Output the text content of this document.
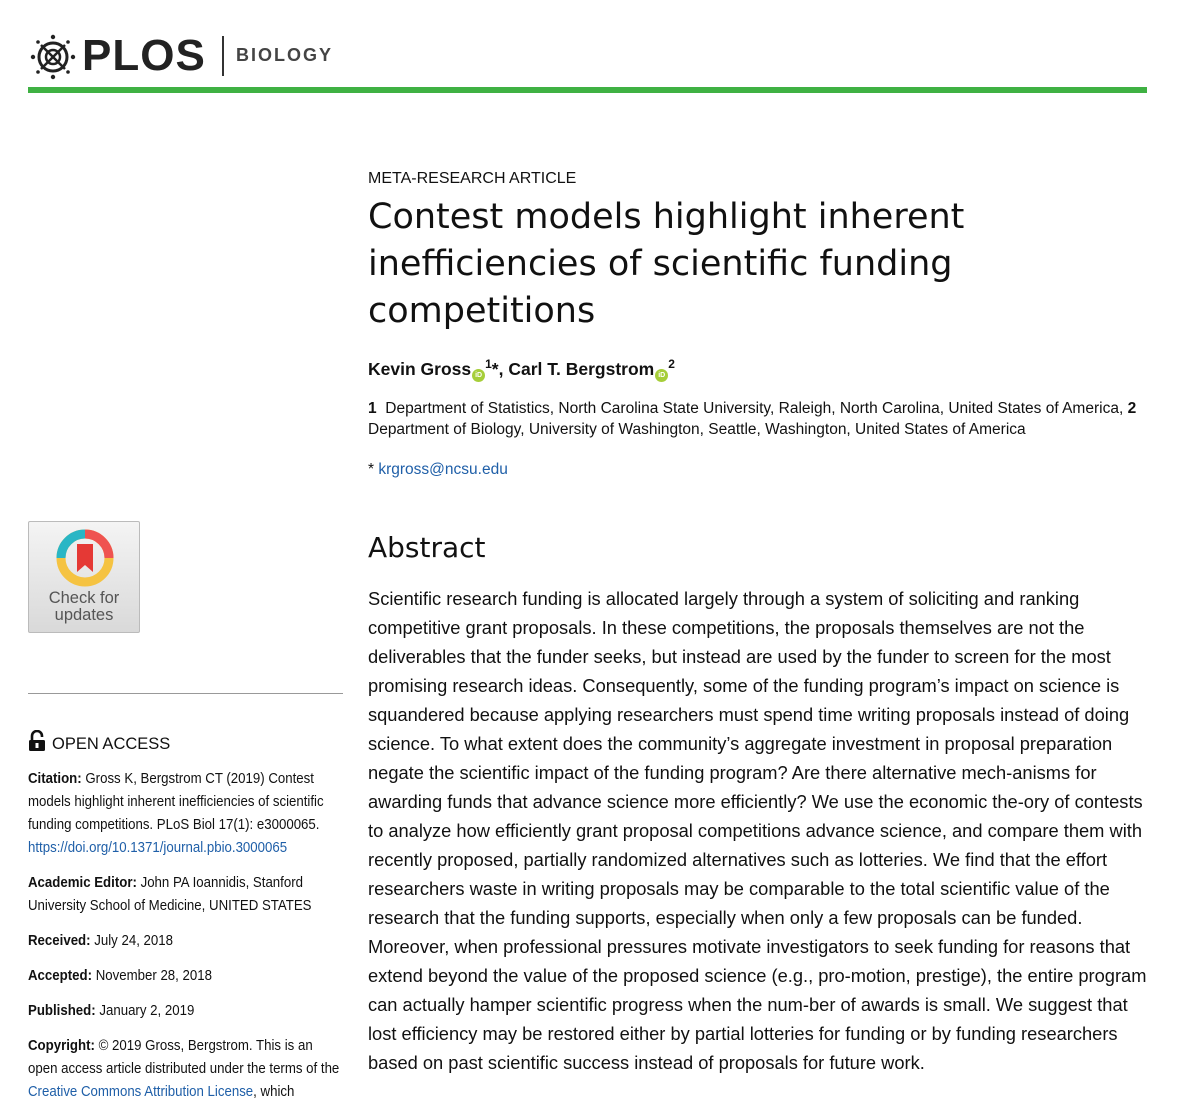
PLOS BIOLOGY
META-RESEARCH ARTICLE
Contest models highlight inherent inefficiencies of scientific funding competitions
Kevin Gross $iD^1*$, Carl T. Bergstrom $iD^2$
1 Department of Statistics, North Carolina State University, Raleigh, North Carolina, United States of America, 2  Department of Biology, University of Washington, Seattle, Washington, United States of America
* krgross@ncsu.edu
Abstract

Scientific research funding is allocated largely through a system of soliciting and ranking competitive grant proposals. In these competitions, the proposals themselves are not the deliverables that the funder seeks, but instead are used by the funder to screen for the most promising research ideas. Consequently, some of the funding program’s impact on science is squandered because applying researchers must spend time writing proposals instead of doing science. To what extent does the community’s aggregate investment in proposal preparation negate the scientific impact of the funding program? Are there alternative mech-anisms for awarding funds that advance science more efficiently? We use the economic the-ory of contests to analyze how efficiently grant proposal competitions advance science, and compare them with recently proposed, partially randomized alternatives such as lotteries. We find that the effort researchers waste in writing proposals may be comparable to the total scientific value of the research that the funding supports, especially when only a few proposals can be funded. Moreover, when professional pressures motivate investigators to seek funding for reasons that extend beyond the value of the proposed science (e.g., pro-motion, prestige), the entire program can actually hamper scientific progress when the num-ber of awards is small. We suggest that lost efficiency may be restored either by partial lotteries for funding or by funding researchers based on past scientific success instead of proposals for future work.

Check for
updates
OPEN ACCESS
Citation: Gross K, Bergstrom CT (2019) Contest models highlight inherent inefficiencies of scientific funding competitions. PLoS Biol 17(1): e3000065.
https://doi.org/10.1371/journal.pbio.3000065
Academic Editor: John PA Ioannidis, Stanford University School of Medicine, UNITED STATES
Received: July 24, 2018
Accepted: November 28, 2018
Published: January 2, 2019
Copyright: © 2019 Gross, Bergstrom. This is an open access article distributed under the terms of the Creative Commons Attribution License, which
